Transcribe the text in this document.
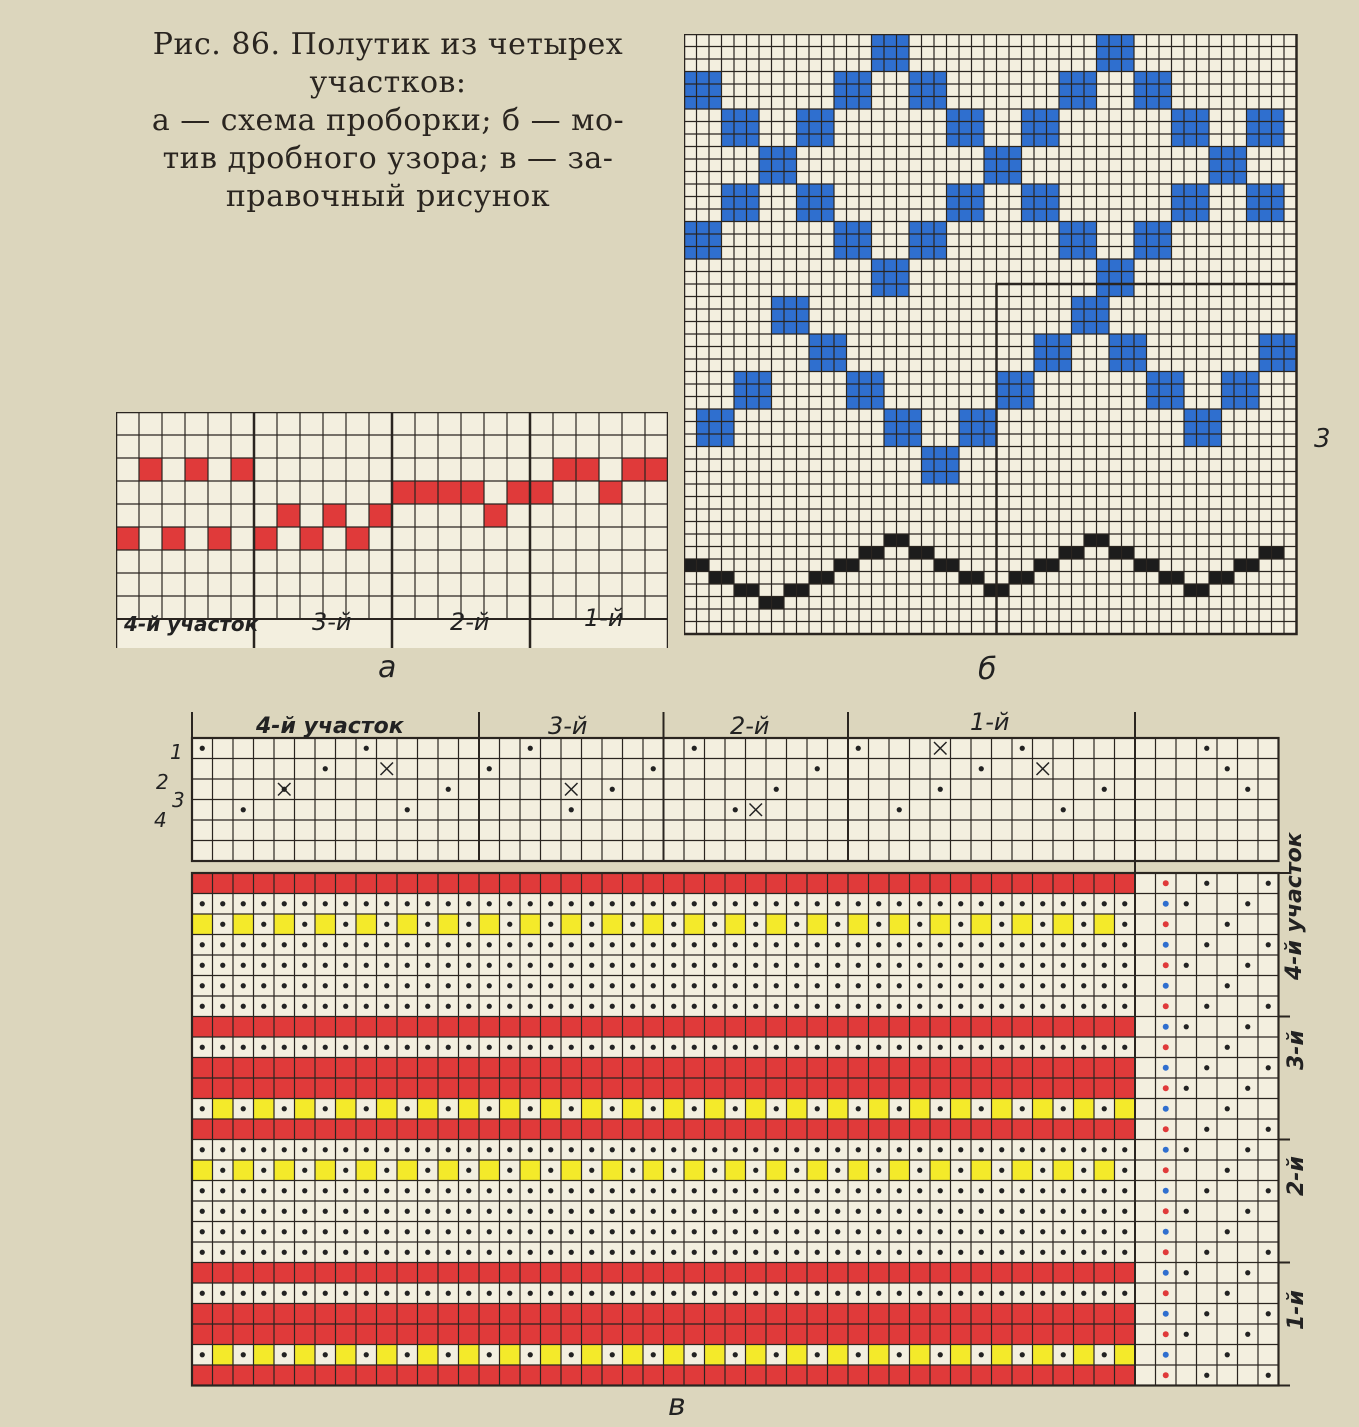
Рис. 86. Полутик из четырех
участков:
а — схема проборки; б — мо-
тив дробного узора; в — за-
правочный рисунок
4-й участок 3-й	2-й	1-й
а
3
б
4-й участок	3-й	2-й	1-й
1
2
3
4
4-й участок
3-й
2-й
1-й
в
